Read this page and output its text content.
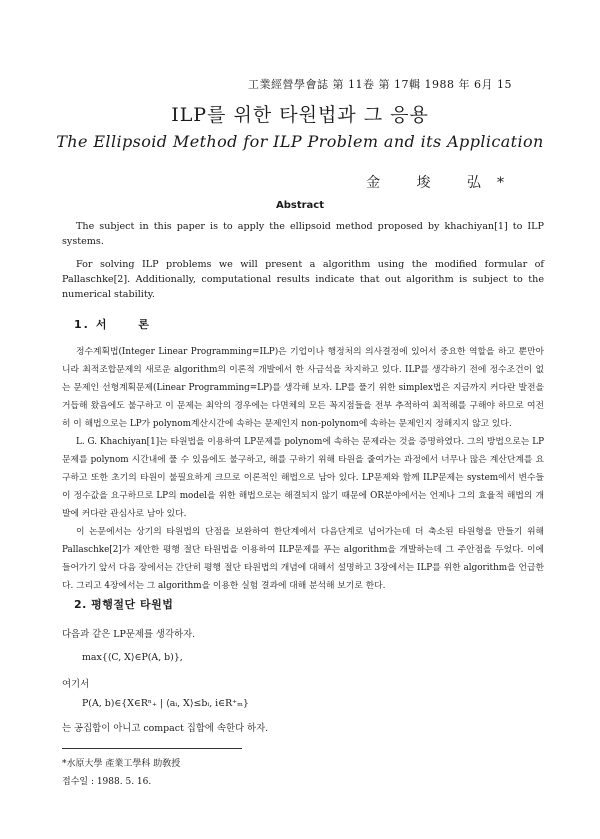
工業經營學會誌 第 11卷 第 17輯 1988 年 6月 15
ILP를 위한 타원법과 그 응용
The Ellipsoid Method for ILP Problem and its Application
金 埈 弘*
Abstract
The subject in this paper is to apply the ellipsoid method proposed by khachiyan[1] to ILP systems.
For solving ILP problems we will present a algorithm using the modified formular of Pallaschke[2]. Additionally, computational results indicate that out algorithm is subject to the numerical stability.
1. 서 론
정수계획법(Integer Linear Programming=ILP)은 기업이나 행정처의 의사결정에 있어서 중요한 역할을 하고 뿐만아니라 최적조합문제의 새로운 algorithm의 이론적 개발에서 한 사금석을 차지하고 있다. ILP를 생각하기 전에 정수조건이 없는 문제인 선형계획문제(Linear Programming=LP)를 생각해 보자. LP를 풀기 위한 simplex법은 지금까지 커다란 발전을 거듭해 왔음에도 불구하고 이 문제는 최악의 경우에는 다면체의 모든 꼭지점들을 전부 추적하여 최적해를 구해야 하므로 여전히 이 해법으로는 LP가 polynom계산시간에 속하는 문제인지 non-polynom에 속하는 문제인지 정해지지 않고 있다.
L. G. Khachiyan[1]는 타원법을 이용하여 LP문제를 polynom에 속하는 문제라는 것을 증명하였다. 그의 방법으로는 LP문제를 polynom 시간내에 풀 수 있음에도 불구하고, 해를 구하기 위해 타원을 줄여가는 과정에서 너무나 많은 계산단계를 요구하고 또한 초기의 타원이 불필요하게 크므로 이론적인 해법으로 남아 있다. LP문제와 함께 ILP문제는 system에서 변수들이 정수값을 요구하므로 LP의 model을 위한 해법으로는 해결되지 않기 때문에 OR분야에서는 언제나 그의 효율적 해법의 개발에 커다란 관심사로 남아 있다.
이 논문에서는 상기의 타원법의 단점을 보완하여 한단계에서 다음단계로 넘어가는데 더 축소된 타원형을 만들기 위해 Pallaschke[2]가 제안한 평행 절단 타원법을 이용하여 ILP문제를 푸는 algorithm을 개발하는데 그 주안점을 두었다. 이에 들어가기 앞서 다음 장에서는 간단히 평행 절단 타원법의 개념에 대해서 설명하고 3장에서는 ILP를 위한 algorithm을 언급한다. 그리고 4장에서는 그 algorithm을 이용한 실험 결과에 대해 분석해 보기로 한다.
2. 평행절단 타원법
다음과 같은 LP문제를 생각하자.
max{⟨C, X⟩∈P(A, b)},
여기서
P(A, b)∈{X∈Rⁿ₊ | ⟨aᵢ, X⟩≤bᵢ, i∈R⁺ₘ}
는 공집합이 아니고 compact 집합에 속한다 하자.
*水原大學 產業工學科 助敎授
접수일 : 1988. 5. 16.
